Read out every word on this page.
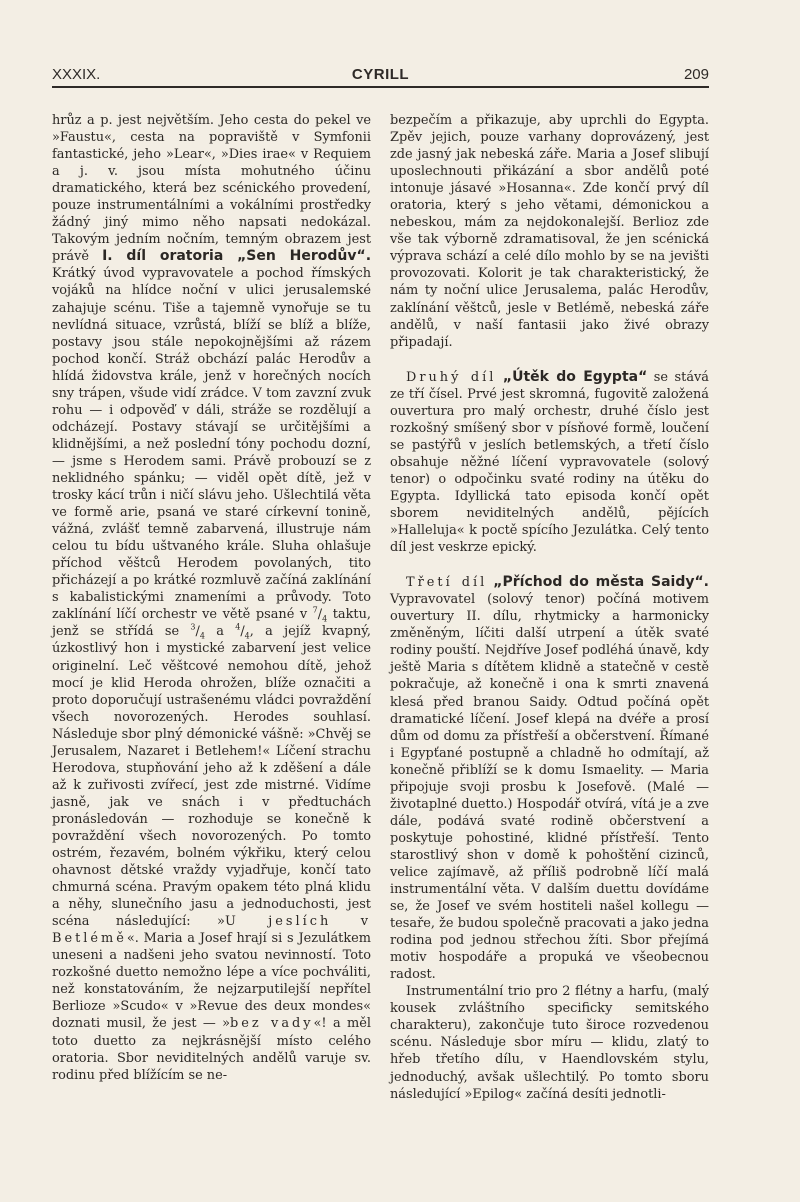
XXXIX.	CYRILL	209

hrůz a p. jest největším. Jeho cesta do pekel ve »Faustu«, cesta na popraviště v Symfonii fantastické, jeho »Lear«, »Dies irae« v Requiem a j. v. jsou místa mohutného účinu dramatického, která bez scénického provedení, pouze instrumentálními a vokálními prostředky žádný jiný mimo něho napsati nedokázal. Takovým jedním nočním, temným obrazem jest právě I. díl oratoria „Sen Herodův“. Krátký úvod vypravovatele a pochod římských vojáků na hlídce noční v ulici jerusalemské zahajuje scénu. Tiše a tajemně vynořuje se tu nevlídná situace, vzrůstá, blíží se blíž a blíže, postavy jsou stále nepokojnějšími až rázem pochod končí. Stráž obchází palác Herodův a hlídá židovstva krále, jenž v horečných nocích sny trápen, všude vidí zrádce. V tom zavzní zvuk rohu — i odpověď v dáli, stráže se rozdělují a odcházejí. Postavy stávají se určitějšími a klidnějšími, a než poslední tóny pochodu dozní, — jsme s Herodem sami. Právě probouzí se z neklidného spánku; — viděl opět dítě, jež v trosky kácí trůn i ničí slávu jeho. Ušlechtilá věta ve formě arie, psaná ve staré církevní tonině, vážná, zvlášť temně zabarvená, illustruje nám celou tu bídu uštvaného krále. Sluha ohlašuje příchod věštců Herodem povolaných, tito přicházejí a po krátké rozmluvě začíná zaklínání s kabalistickými znameními a průvody. Toto zaklínání líčí orchestr ve větě psané v $^7/_4$ taktu, jenž se střídá se $^3/_4$ a $^4/_4$, a jejíž kvapný, úzkostlivý hon i mystické zabarvení jest velice originelní. Leč věštcové nemohou dítě, jehož mocí je klid Heroda ohrožen, blíže označiti a proto doporučují ustrašenému vládci povraždění všech novorozených. Herodes souhlasí. Následuje sbor plný démonické vášně: »Chvěj se Jerusalem, Nazaret i Betlehem!« Líčení strachu Herodova, stupňování jeho až k zděšení a dále až k zuřivosti zvířecí, jest zde mistrné. Vidíme jasně, jak ve snách i v předtuchách pronásledován — rozhoduje se konečně k povraždění všech novorozených. Po tomto ostrém, řezavém, bolném výkřiku, který celou ohavnost dětské vraždy vyjadřuje, končí tato chmurná scéna. Pravým opakem této plná klidu a něhy, slunečního jasu a jednoduchosti, jest scéna následující: »U jeslích v Betlémě«. Maria a Josef hrají si s Jezulátkem uneseni a nadšeni jeho svatou nevinností. Toto rozkošné duetto nemožno lépe a více pochváliti, než konstatováním, že nejzarputilejší nepřítel Berlioze »Scudo« v »Revue des deux mondes« doznati musil, že jest — »bez vady«! a měl toto duetto za nejkrásnější místo celého oratoria. Sbor neviditelných andělů varuje sv. rodinu před blížícím se ne-

bezpečím a přikazuje, aby uprchli do Egypta. Zpěv jejich, pouze varhany doprovázený, jest zde jasný jak nebeská záře. Maria a Josef slibují uposlechnouti přikázání a sbor andělů poté intonuje jásavé »Hosanna«. Zde končí prvý díl oratoria, který s jeho větami, démonickou a nebeskou, mám za nejdokonalejší. Berlioz zde vše tak výborně zdramatisoval, že jen scénická výprava schází a celé dílo mohlo by se na jevišti provozovati. Kolorit je tak charakteristický, že nám ty noční ulice Jerusalema, palác Herodův, zaklínání věštců, jesle v Betlémě, nebeská záře andělů, v naší fantasii jako živé obrazy připadají.

Druhý díl „Útěk do Egypta“ se stává ze tří čísel. Prvé jest skromná, fugovitě založená ouvertura pro malý orchestr, druhé číslo jest rozkošný smíšený sbor v písňové formě, loučení se pastýřů v jeslích betlemských, a třetí číslo obsahuje něžné líčení vypravovatele (solový tenor) o odpočinku svaté rodiny na útěku do Egypta. Idyllická tato episoda končí opět sborem neviditelných andělů, pějících »Halleluja« k poctě spícího Jezulátka. Celý tento díl jest veskrze epický.

Třetí díl „Příchod do města Saidy“. Vypravovatel (solový tenor) počíná motivem ouvertury II. dílu, rhytmicky a harmonicky změněným, líčiti další utrpení a útěk svaté rodiny pouští. Nejdříve Josef podléhá únavě, kdy ještě Maria s dítětem klidně a statečně v cestě pokračuje, až konečně i ona k smrti znavená klesá před branou Saidy. Odtud počíná opět dramatické líčení. Josef klepá na dvéře a prosí dům od domu za přístřeší a občerstvení. Římané i Egypťané postupně a chladně ho odmítají, až konečně přiblíží se k domu Ismaelity. — Maria připojuje svoji prosbu k Josefově. (Malé — životaplné duetto.) Hospodář otvírá, vítá je a zve dále, podává svaté rodině občerstvení a poskytuje pohostiné, klidné přístřeší. Tento starostlivý shon v domě k pohoštění cizinců, velice zajímavě, až příliš podrobně líčí malá instrumentální věta. V dalším duettu dovídáme se, že Josef ve svém hostiteli našel kollegu — tesaře, že budou společně pracovati a jako jedna rodina pod jednou střechou žíti. Sbor přejímá motiv hospodáře a propuká ve všeobecnou radost.

Instrumentální trio pro 2 flétny a harfu, (malý kousek zvláštního specificky semitského charakteru), zakončuje tuto široce rozvedenou scénu. Následuje sbor míru — klidu, zlatý to hřeb třetího dílu, v Haendlovském stylu, jednoduchý, avšak ušlechtilý. Po tomto sboru následující »Epilog« začíná desíti jednotli-
